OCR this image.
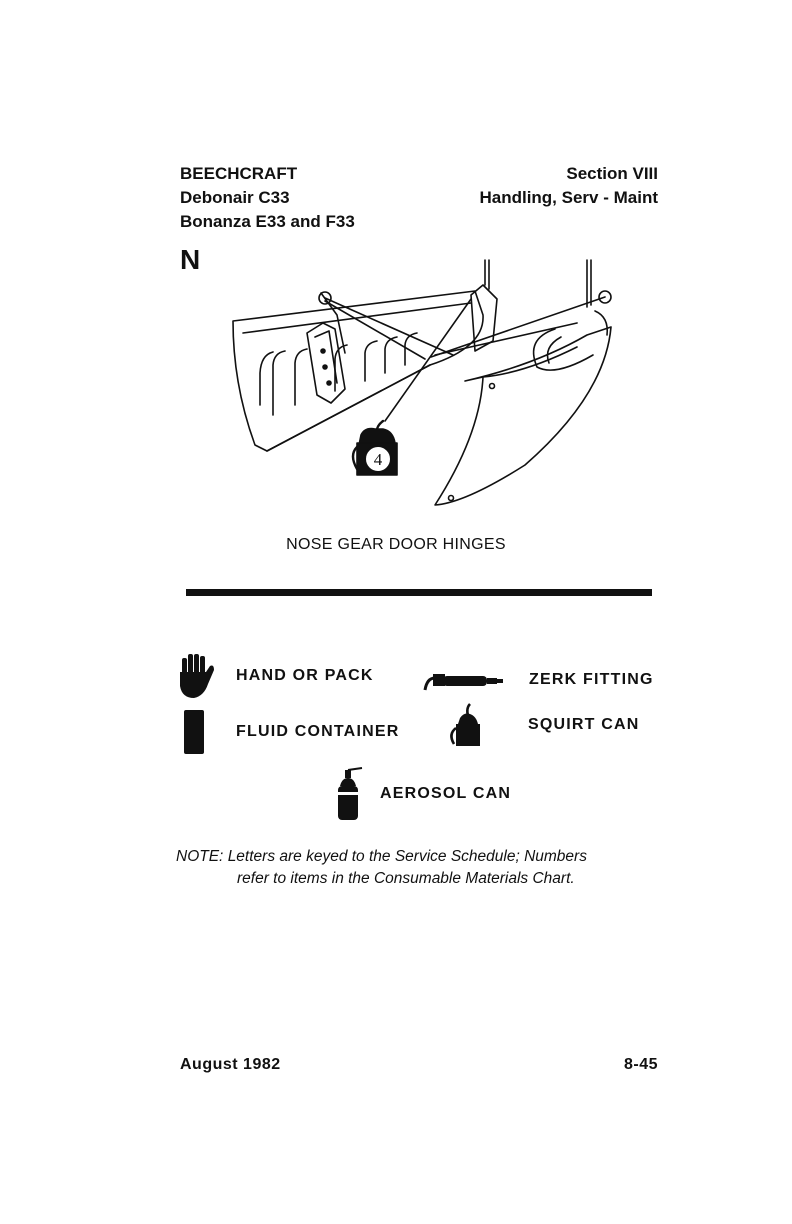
BEECHCRAFT
Debonair C33
Bonanza E33 and F33
Section VIII
Handling, Serv - Maint
N
4
NOSE GEAR DOOR HINGES
HAND OR PACK	ZERK FITTING
FLUID CONTAINER	SQUIRT CAN
AEROSOL CAN
NOTE: Letters are keyed to the Service Schedule; Numbers
refer to items in the Consumable Materials Chart.
August 1982	8-45
